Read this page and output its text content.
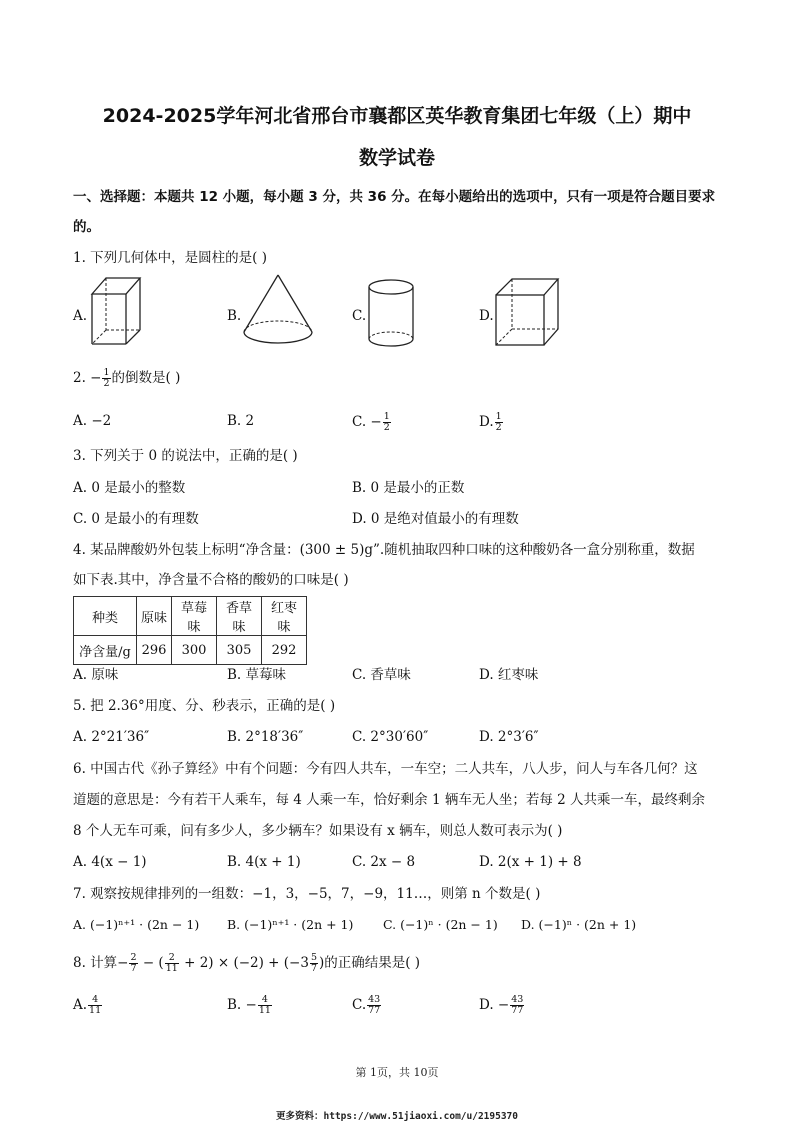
2024-2025学年河北省邢台市襄都区英华教育集团七年级（上）期中
数学试卷
一、选择题：本题共 12 小题，每小题 3 分，共 36 分。在每小题给出的选项中，只有一项是符合题目要求
的。
1. 下列几何体中，是圆柱的是( )
A.	B.	C.	D.
2. − $\frac{1}{2}$ 的倒数是( )
A. −2	B. 2	C. − $\frac{1}{2}$	D. $\frac{1}{2}$
3. 下列关于 0 的说法中，正确的是( )
A. 0 是最小的整数	B. 0 是最小的正数
C. 0 是最小的有理数	D. 0 是绝对值最小的有理数
4. 某品牌酸奶外包装上标明“净含量：(300 ± 5)g”.随机抽取四种口味的这种酸奶各一盒分别称重，数据
如下表.其中，净含量不合格的酸奶的口味是( )
种类	原味	草莓味	香草味	红枣味
净含量/g	296	300	305	292
A. 原味	B. 草莓味	C. 香草味	D. 红枣味
5. 把 2.36°用度、分、秒表示，正确的是( )
A. 2°21′36″	B. 2°18′36″	C. 2°30′60″	D. 2°3′6″
6. 中国古代《孙子算经》中有个问题：今有四人共车，一车空；二人共车，八人步，问人与车各几何？这
道题的意思是：今有若干人乘车，每 4 人乘一车，恰好剩余 1 辆车无人坐；若每 2 人共乘一车，最终剩余
8 个人无车可乘，问有多少人，多少辆车？如果设有 x 辆车，则总人数可表示为( )
A. 4(x − 1)	B. 4(x + 1)	C. 2x − 8	D. 2(x + 1) + 8
7. 观察按规律排列的一组数：−1，3，−5，7，−9，11…，则第 n 个数是( )
A. (−1)ⁿ⁺¹ · (2n − 1) B. (−1)ⁿ⁺¹ · (2n + 1) C. (−1)ⁿ · (2n − 1) D. (−1)ⁿ · (2n + 1)
8. 计算− $\frac{2}{7}$ − ( $\frac{2}{11} + 2) \times (-2) + (-3 \frac{5}{7}$ )的正确结果是( )
A. $\frac{4}{11}$	B. − $\frac{4}{11}$	C. $\frac{43}{77}$	D. − $\frac{43}{77}$
第 1页，共 10页
更多资料：https://www.51jiaoxi.com/u/2195370
